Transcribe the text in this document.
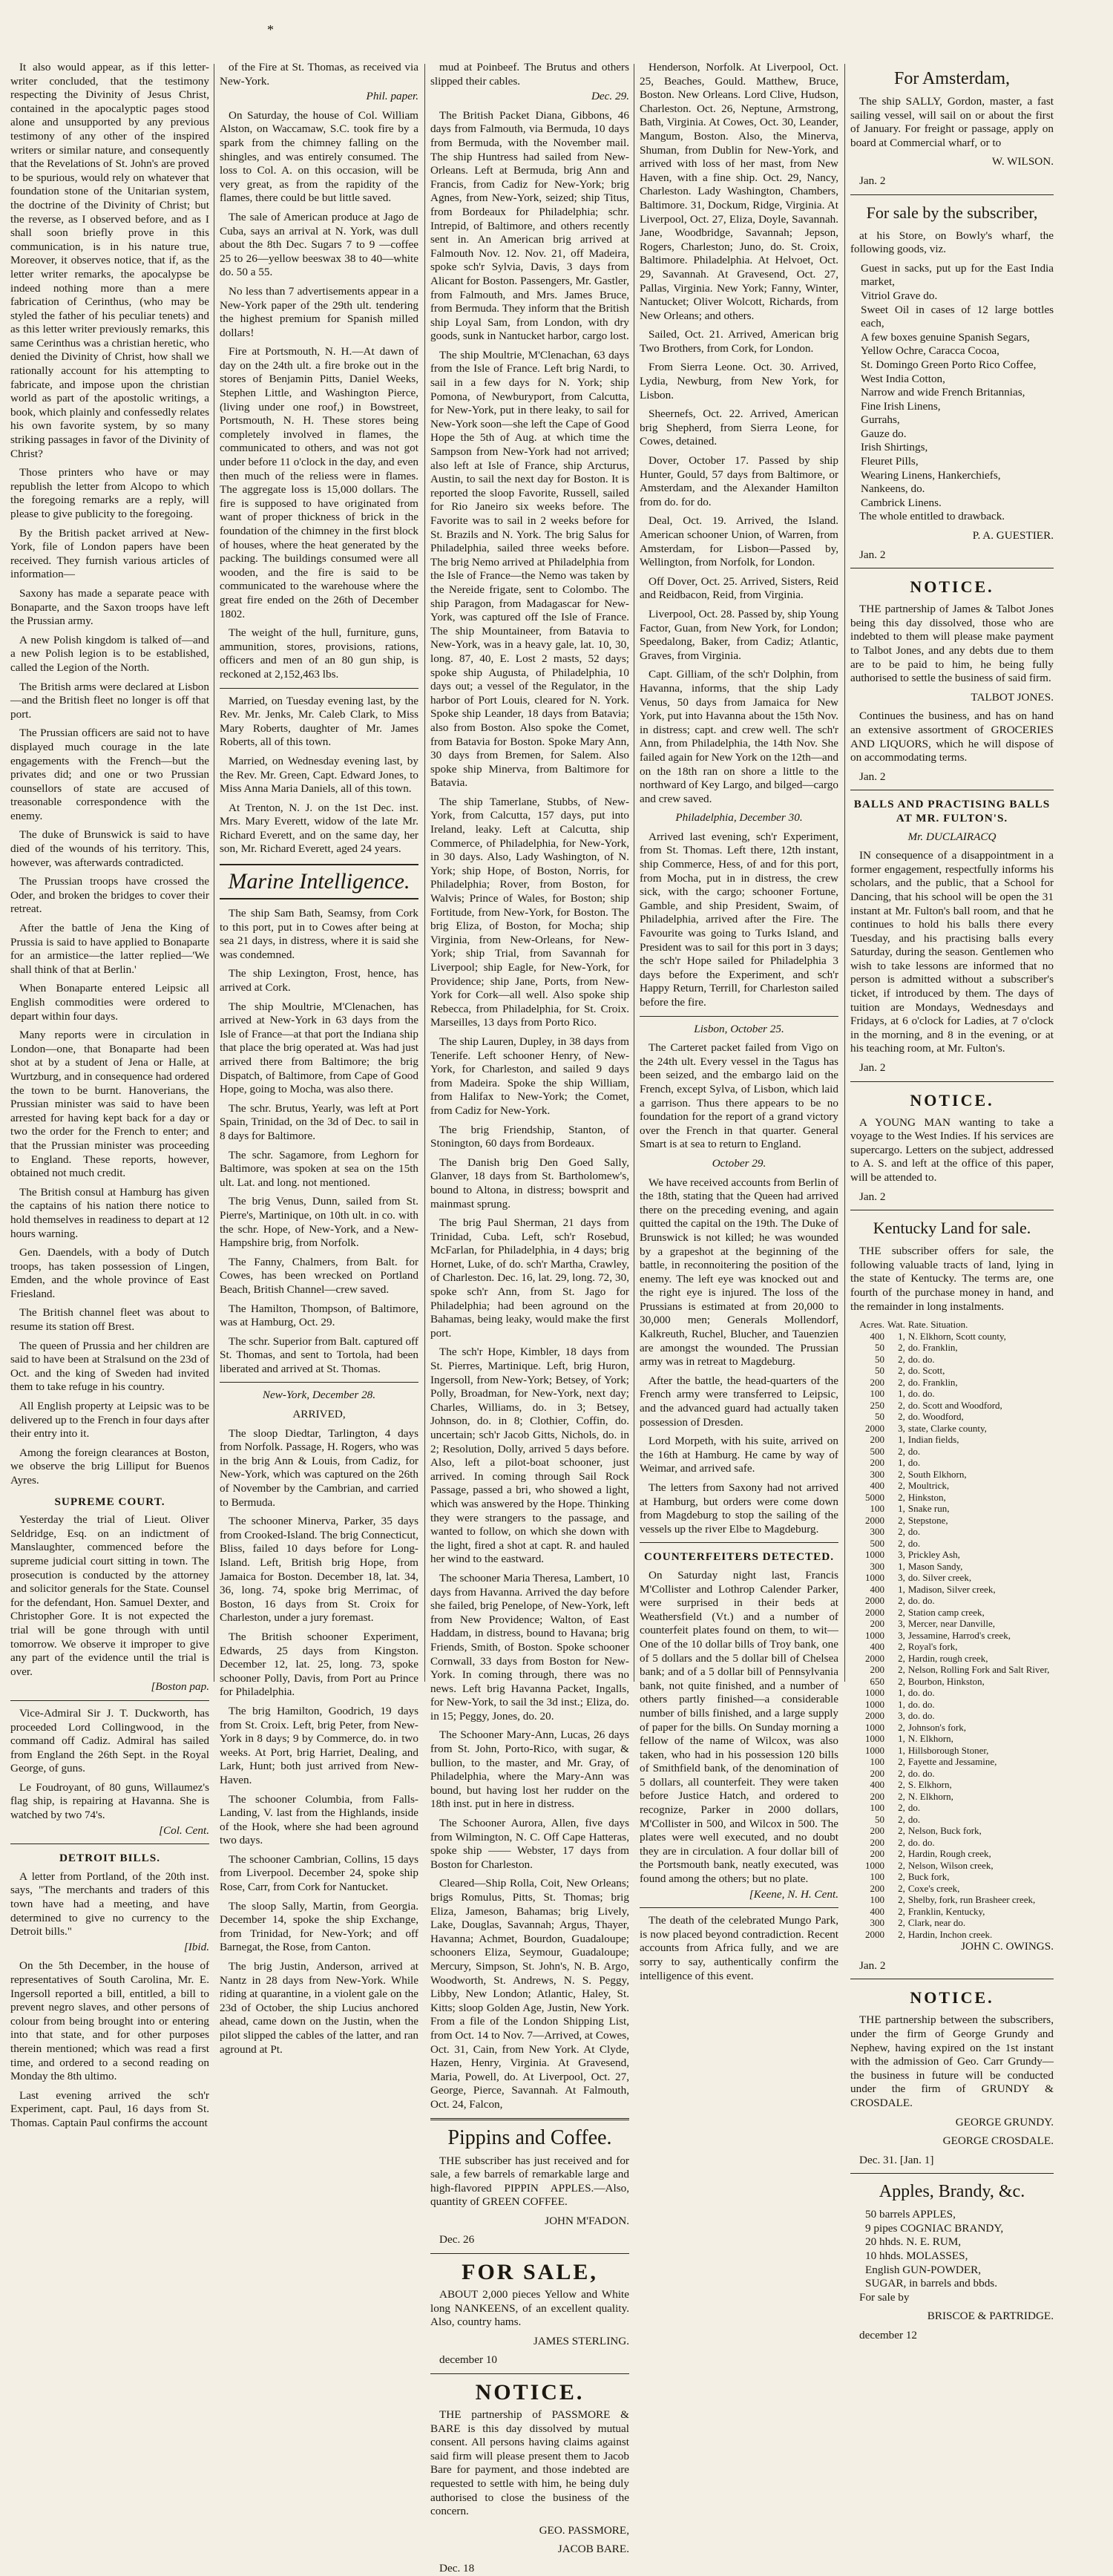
*

It also would appear, as if this letter-writer concluded, that the testimony respecting the Divinity of Jesus Christ, contained in the apocalyptic pages stood alone and unsupported by any previous testimony of any other of the inspired writers or similar nature, and consequently that the Revelations of St. John's are proved to be spurious, would rely on whatever that foundation stone of the Unitarian system, the doctrine of the Divinity of Christ; but the reverse, as I observed before, and as I shall soon briefly prove in this communication, is in his nature true, Moreover, it observes notice, that if, as the letter writer remarks, the apocalypse be indeed nothing more than a mere fabrication of Cerinthus, (who may be styled the father of his peculiar tenets) and as this letter writer previously remarks, this same Cerinthus was a christian heretic, who denied the Divinity of Christ, how shall we rationally account for his attempting to fabricate, and impose upon the christian world as part of the apostolic writings, a book, which plainly and confessedly relates his own favorite system, by so many striking passages in favor of the Divinity of Christ?

Those printers who have or may republish the letter from Alcopo to which the foregoing remarks are a reply, will please to give publicity to the foregoing.

By the British packet arrived at New-York, file of London papers have been received. They furnish various articles of information—

Saxony has made a separate peace with Bonaparte, and the Saxon troops have left the Prussian army.

A new Polish kingdom is talked of—and a new Polish legion is to be established, called the Legion of the North.

The British arms were declared at Lisbon—and the British fleet no longer is off that port.

The Prussian officers are said not to have displayed much courage in the late engagements with the French—but the privates did; and one or two Prussian counsellors of state are accused of treasonable correspondence with the enemy.

The duke of Brunswick is said to have died of the wounds of his territory. This, however, was afterwards contradicted.

The Prussian troops have crossed the Oder, and broken the bridges to cover their retreat.

After the battle of Jena the King of Prussia is said to have applied to Bonaparte for an armistice—the latter replied—'We shall think of that at Berlin.'

When Bonaparte entered Leipsic all English commodities were ordered to depart within four days.

Many reports were in circulation in London—one, that Bonaparte had been shot at by a student of Jena or Halle, at Wurtzburg, and in consequence had ordered the town to be burnt. Hanoverians, the Prussian minister was said to have been arrested for having kept back for a day or two the order for the French to enter; and that the Prussian minister was proceeding to England. These reports, however, obtained not much credit.

The British consul at Hamburg has given the captains of his nation there notice to hold themselves in readiness to depart at 12 hours warning.

Gen. Daendels, with a body of Dutch troops, has taken possession of Lingen, Emden, and the whole province of East Friesland.

The British channel fleet was about to resume its station off Brest.

The queen of Prussia and her children are said to have been at Stralsund on the 23d of Oct. and the king of Sweden had invited them to take refuge in his country.

All English property at Leipsic was to be delivered up to the French in four days after their entry into it.

Among the foreign clearances at Boston, we observe the brig Lilliput for Buenos Ayres.

SUPREME COURT.

Yesterday the trial of Lieut. Oliver Seldridge, Esq. on an indictment of Manslaughter, commenced before the supreme judicial court sitting in town. The prosecution is conducted by the attorney and solicitor generals for the State. Counsel for the defendant, Hon. Samuel Dexter, and Christopher Gore. It is not expected the trial will be gone through with until tomorrow. We observe it improper to give any part of the evidence until the trial is over.

[Boston pap.

Vice-Admiral Sir J. T. Duckworth, has proceeded Lord Collingwood, in the command off Cadiz. Admiral has sailed from England the 26th Sept. in the Royal George, of guns.

Le Foudroyant, of 80 guns, Willaumez's flag ship, is repairing at Havanna. She is watched by two 74's.

[Col. Cent.

DETROIT BILLS.

A letter from Portland, of the 20th inst. says, "The merchants and traders of this town have had a meeting, and have determined to give no currency to the Detroit bills."

[Ibid.

On the 5th December, in the house of representatives of South Carolina, Mr. E. Ingersoll reported a bill, entitled, a bill to prevent negro slaves, and other persons of colour from being brought into or entering into that state, and for other purposes therein mentioned; which was read a first time, and ordered to a second reading on Monday the 8th ultimo.

Last evening arrived the sch'r Experiment, capt. Paul, 16 days from St. Thomas. Captain Paul confirms the account

of the Fire at St. Thomas, as received via New-York.

Phil. paper.

On Saturday, the house of Col. William Alston, on Waccamaw, S.C. took fire by a spark from the chimney falling on the shingles, and was entirely consumed. The loss to Col. A. on this occasion, will be very great, as from the rapidity of the flames, there could be but little saved.

The sale of American produce at Jago de Cuba, says an arrival at N. York, was dull about the 8th Dec. Sugars 7 to 9 —coffee 25 to 26—yellow beeswax 38 to 40—white do. 50 a 55.

No less than 7 advertisements appear in a New-York paper of the 29th ult. tendering the highest premium for Spanish milled dollars!

Fire at Portsmouth, N. H.—At dawn of day on the 24th ult. a fire broke out in the stores of Benjamin Pitts, Daniel Weeks, Stephen Little, and Washington Pierce, (living under one roof,) in Bowstreet, Portsmouth, N. H. These stores being completely involved in flames, the communicated to others, and was not got under before 11 o'clock in the day, and even then much of the reliess were in flames. The aggregate loss is 15,000 dollars. The fire is supposed to have originated from want of proper thickness of brick in the foundation of the chimney in the first block of houses, where the heat generated by the packing. The buildings consumed were all wooden, and the fire is said to be communicated to the warehouse where the great fire ended on the 26th of December 1802.

The weight of the hull, furniture, guns, ammunition, stores, provisions, rations, officers and men of an 80 gun ship, is reckoned at 2,152,463 lbs.

Married, on Tuesday evening last, by the Rev. Mr. Jenks, Mr. Caleb Clark, to Miss Mary Roberts, daughter of Mr. James Roberts, all of this town.

Married, on Wednesday evening last, by the Rev. Mr. Green, Capt. Edward Jones, to Miss Anna Maria Daniels, all of this town.

At Trenton, N. J. on the 1st Dec. inst. Mrs. Mary Everett, widow of the late Mr. Richard Everett, and on the same day, her son, Mr. Richard Everett, aged 24 years.

Marine Intelligence.

The ship Sam Bath, Seamsy, from Cork to this port, put in to Cowes after being at sea 21 days, in distress, where it is said she was condemned.

The ship Lexington, Frost, hence, has arrived at Cork.

The ship Moultrie, M'Clenachen, has arrived at New-York in 63 days from the Isle of France—at that port the Indiana ship that place the brig operated at. Was had just arrived there from Baltimore; the brig Dispatch, of Baltimore, from Cape of Good Hope, going to Mocha, was also there.

The schr. Brutus, Yearly, was left at Port Spain, Trinidad, on the 3d of Dec. to sail in 8 days for Baltimore.

The schr. Sagamore, from Leghorn for Baltimore, was spoken at sea on the 15th ult. Lat. and long. not mentioned.

The brig Venus, Dunn, sailed from St. Pierre's, Martinique, on 10th ult. in co. with the schr. Hope, of New-York, and a New-Hampshire brig, from Norfolk.

The Fanny, Chalmers, from Balt. for Cowes, has been wrecked on Portland Beach, British Channel—crew saved.

The Hamilton, Thompson, of Baltimore, was at Hamburg, Oct. 29.

The schr. Superior from Balt. captured off St. Thomas, and sent to Tortola, had been liberated and arrived at St. Thomas.

New-York, December 28.

ARRIVED,

The sloop Diedtar, Tarlington, 4 days from Norfolk. Passage, H. Rogers, who was in the brig Ann & Louis, from Cadiz, for New-York, which was captured on the 26th of November by the Cambrian, and carried to Bermuda.

The schooner Minerva, Parker, 35 days from Crooked-Island. The brig Connecticut, Bliss, failed 10 days before for Long-Island. Left, British brig Hope, from Jamaica for Boston. December 18, lat. 34, 36, long. 74, spoke brig Merrimac, of Boston, 16 days from St. Croix for Charleston, under a jury foremast.

The British schooner Experiment, Edwards, 25 days from Kingston. December 12, lat. 25, long. 73, spoke schooner Polly, Davis, from Port au Prince for Philadelphia.

The brig Hamilton, Goodrich, 19 days from St. Croix. Left, brig Peter, from New-York in 8 days; 9 by Commerce, do. in two weeks. At Port, brig Harriet, Dealing, and Lark, Hunt; both just arrived from New-Haven.

The schooner Columbia, from Falls-Landing, V. last from the Highlands, inside of the Hook, where she had been aground two days.

The schooner Cambrian, Collins, 15 days from Liverpool. December 24, spoke ship Rose, Carr, from Cork for Nantucket.

The sloop Sally, Martin, from Georgia. December 14, spoke the ship Exchange, from Trinidad, for New-York; and off Barnegat, the Rose, from Canton.

The brig Justin, Anderson, arrived at Nantz in 28 days from New-York. While riding at quarantine, in a violent gale on the 23d of October, the ship Lucius anchored ahead, came down on the Justin, when the pilot slipped the cables of the latter, and ran aground at Pt.

mud at Poinbeef. The Brutus and others slipped their cables.

Dec. 29.

The British Packet Diana, Gibbons, 46 days from Falmouth, via Bermuda, 10 days from Bermuda, with the November mail. The ship Huntress had sailed from New-Orleans. Left at Bermuda, brig Ann and Francis, from Cadiz for New-York; brig Agnes, from New-York, seized; ship Titus, from Bordeaux for Philadelphia; schr. Intrepid, of Baltimore, and others recently sent in. An American brig arrived at Falmouth Nov. 12. Nov. 21, off Madeira, spoke sch'r Sylvia, Davis, 3 days from Alicant for Boston. Passengers, Mr. Gastler, from Falmouth, and Mrs. James Bruce, from Bermuda. They inform that the British ship Loyal Sam, from London, with dry goods, sunk in Nantucket harbor, cargo lost.

The ship Moultrie, M'Clenachan, 63 days from the Isle of France. Left brig Nardi, to sail in a few days for N. York; ship Pomona, of Newburyport, from Calcutta, for New-York, put in there leaky, to sail for New-York soon—she left the Cape of Good Hope the 5th of Aug. at which time the Sampson from New-York had not arrived; also left at Isle of France, ship Arcturus, Austin, to sail the next day for Boston. It is reported the sloop Favorite, Russell, sailed for Rio Janeiro six weeks before. The Favorite was to sail in 2 weeks before for St. Brazils and N. York. The brig Salus for Philadelphia, sailed three weeks before. The brig Nemo arrived at Philadelphia from the Isle of France—the Nemo was taken by the Nereide frigate, sent to Colombo. The ship Paragon, from Madagascar for New-York, was captured off the Isle of France. The ship Mountaineer, from Batavia to New-York, was in a heavy gale, lat. 10, 30, long. 87, 40, E. Lost 2 masts, 52 days; spoke ship Augusta, of Philadelphia, 10 days out; a vessel of the Regulator, in the harbor of Port Louis, cleared for N. York. Spoke ship Leander, 18 days from Batavia; also from Boston. Also spoke the Comet, from Batavia for Boston. Spoke Mary Ann, 30 days from Bremen, for Salem. Also spoke ship Minerva, from Baltimore for Batavia.

The ship Tamerlane, Stubbs, of New-York, from Calcutta, 157 days, put into Ireland, leaky. Left at Calcutta, ship Commerce, of Philadelphia, for New-York, in 30 days. Also, Lady Washington, of N. York; ship Hope, of Boston, Norris, for Philadelphia; Rover, from Boston, for Walvis; Prince of Wales, for Boston; ship Fortitude, from New-York, for Boston. The brig Eliza, of Boston, for Mocha; ship Virginia, from New-Orleans, for New-York; ship Trial, from Savannah for Liverpool; ship Eagle, for New-York, for Providence; ship Jane, Ports, from New-York for Cork—all well. Also spoke ship Rebecca, from Philadelphia, for St. Croix. Marseilles, 13 days from Porto Rico.

The ship Lauren, Dupley, in 38 days from Tenerife. Left schooner Henry, of New-York, for Charleston, and sailed 9 days from Madeira. Spoke the ship William, from Halifax to New-York; the Comet, from Cadiz for New-York.

The brig Friendship, Stanton, of Stonington, 60 days from Bordeaux.

The Danish brig Den Goed Sally, Glanver, 18 days from St. Bartholomew's, bound to Altona, in distress; bowsprit and mainmast sprung.

The brig Paul Sherman, 21 days from Trinidad, Cuba. Left, sch'r Rosebud, McFarlan, for Philadelphia, in 4 days; brig Hornet, Luke, of do. sch'r Martha, Crawley, of Charleston. Dec. 16, lat. 29, long. 72, 30, spoke sch'r Ann, from St. Jago for Philadelphia; had been aground on the Bahamas, being leaky, would make the first port.

The sch'r Hope, Kimbler, 18 days from St. Pierres, Martinique. Left, brig Huron, Ingersoll, from New-York; Betsey, of York; Polly, Broadman, for New-York, next day; Charles, Williams, do. in 3; Betsey, Johnson, do. in 8; Clothier, Coffin, do. uncertain; sch'r Jacob Gitts, Nichols, do. in 2; Resolution, Dolly, arrived 5 days before. Also, left a pilot-boat schooner, just arrived. In coming through Sail Rock Passage, passed a bri, who showed a light, which was answered by the Hope. Thinking they were strangers to the passage, and wanted to follow, on which she down with the light, fired a shot at capt. R. and hauled her wind to the eastward.

The schooner Maria Theresa, Lambert, 10 days from Havanna. Arrived the day before she failed, brig Penelope, of New-York, left from New Providence; Walton, of East Haddam, in distress, bound to Havana; brig Friends, Smith, of Boston. Spoke schooner Cornwall, 33 days from Boston for New-York. In coming through, there was no news. Left brig Havanna Packet, Ingalls, for New-York, to sail the 3d inst.; Eliza, do. in 15; Peggy, Jones, do. 20.

The Schooner Mary-Ann, Lucas, 26 days from St. John, Porto-Rico, with sugar, & bullion, to the master, and Mr. Gray, of Philadelphia, where the Mary-Ann was bound, but having lost her rudder on the 18th inst. put in here in distress.

The Schooner Aurora, Allen, five days from Wilmington, N. C. Off Cape Hatteras, spoke ship —— Webster, 17 days from Boston for Charleston.

Cleared—Ship Rolla, Coit, New Orleans; brigs Romulus, Pitts, St. Thomas; brig Eliza, Jameson, Bahamas; brig Lively, Lake, Douglas, Savannah; Argus, Thayer, Havanna; Achmet, Bourdon, Guadaloupe; schooners Eliza, Seymour, Guadaloupe; Mercury, Simpson, St. John's, N. B. Argo, Woodworth, St. Andrews, N. S. Peggy, Libby, New London; Atlantic, Haley, St. Kitts; sloop Golden Age, Justin, New York. From a file of the London Shipping List, from Oct. 14 to Nov. 7—Arrived, at Cowes, Oct. 31, Cain, from New York. At Clyde, Hazen, Henry, Virginia. At Gravesend, Maria, Powell, do. At Liverpool, Oct. 27, George, Pierce, Savannah. At Falmouth, Oct. 24, Falcon,

Pippins and Coffee.

THE subscriber has just received and for sale, a few barrels of remarkable large and high-flavored PIPPIN APPLES.—Also, quantity of GREEN COFFEE.

JOHN M'FADON.

Dec. 26

FOR SALE,

ABOUT 2,000 pieces Yellow and White long NANKEENS, of an excellent quality. Also, country hams.

JAMES STERLING.

december 10

NOTICE.

THE partnership of PASSMORE & BARE is this day dissolved by mutual consent. All persons having claims against said firm will please present them to Jacob Bare for payment, and those indebted are requested to settle with him, he being duly authorised to close the business of the concern.

GEO. PASSMORE,

JACOB BARE.

Dec. 18

Henderson, Norfolk. At Liverpool, Oct. 25, Beaches, Gould. Matthew, Bruce, Boston. New Orleans. Lord Clive, Hudson, Charleston. Oct. 26, Neptune, Armstrong, Bath, Virginia. At Cowes, Oct. 30, Leander, Mangum, Boston. Also, the Minerva, Shuman, from Dublin for New-York, and arrived with loss of her mast, from New Haven, with a fine ship. Oct. 29, Nancy, Charleston. Lady Washington, Chambers, Baltimore. 31, Dockum, Ridge, Virginia. At Liverpool, Oct. 27, Eliza, Doyle, Savannah. Jane, Woodbridge, Savannah; Jepson, Rogers, Charleston; Juno, do. St. Croix, Baltimore. Philadelphia. At Helvoet, Oct. 29, Savannah. At Gravesend, Oct. 27, Pallas, Virginia. New York; Fanny, Winter, Nantucket; Oliver Wolcott, Richards, from New Orleans; and others.

Sailed, Oct. 21. Arrived, American brig Two Brothers, from Cork, for London.

From Sierra Leone. Oct. 30. Arrived, Lydia, Newburg, from New York, for Lisbon.

Sheernefs, Oct. 22. Arrived, American brig Shepherd, from Sierra Leone, for Cowes, detained.

Dover, October 17. Passed by ship Hunter, Gould, 57 days from Baltimore, or Amsterdam, and the Alexander Hamilton from do. for do.

Deal, Oct. 19. Arrived, the Island. American schooner Union, of Warren, from Amsterdam, for Lisbon—Passed by, Wellington, from Norfolk, for London.

Off Dover, Oct. 25. Arrived, Sisters, Reid and Reidbacon, Reid, from Virginia.

Liverpool, Oct. 28. Passed by, ship Young Factor, Guan, from New York, for London; Speedalong, Baker, from Cadiz; Atlantic, Graves, from Virginia.

Capt. Gilliam, of the sch'r Dolphin, from Havanna, informs, that the ship Lady Venus, 50 days from Jamaica for New York, put into Havanna about the 15th Nov. in distress; capt. and crew well. The sch'r Ann, from Philadelphia, the 14th Nov. She failed again for New York on the 12th—and on the 18th ran on shore a little to the northward of Key Largo, and bilged—cargo and crew saved.

Philadelphia, December 30.

Arrived last evening, sch'r Experiment, from St. Thomas. Left there, 12th instant, ship Commerce, Hess, of and for this port, from Mocha, put in in distress, the crew sick, with the cargo; schooner Fortune, Gamble, and ship President, Swaim, of Philadelphia, arrived after the Fire. The Favourite was going to Turks Island, and President was to sail for this port in 3 days; the sch'r Hope sailed for Philadelphia 3 days before the Experiment, and sch'r Happy Return, Terrill, for Charleston sailed before the fire.

Lisbon, October 25.

The Carteret packet failed from Vigo on the 24th ult. Every vessel in the Tagus has been seized, and the embargo laid on the French, except Sylva, of Lisbon, which laid a garrison. Thus there appears to be no foundation for the report of a grand victory over the French in that quarter. General Smart is at sea to return to England.

October 29.

We have received accounts from Berlin of the 18th, stating that the Queen had arrived there on the preceding evening, and again quitted the capital on the 19th. The Duke of Brunswick is not killed; he was wounded by a grapeshot at the beginning of the battle, in reconnoitering the position of the enemy. The left eye was knocked out and the right eye is injured. The loss of the Prussians is estimated at from 20,000 to 30,000 men; Generals Mollendorf, Kalkreuth, Ruchel, Blucher, and Tauenzien are amongst the wounded. The Prussian army was in retreat to Magdeburg.

After the battle, the head-quarters of the French army were transferred to Leipsic, and the advanced guard had actually taken possession of Dresden.

Lord Morpeth, with his suite, arrived on the 16th at Hamburg. He came by way of Weimar, and arrived safe.

The letters from Saxony had not arrived at Hamburg, but orders were come down from Magdeburg to stop the sailing of the vessels up the river Elbe to Magdeburg.

COUNTERFEITERS DETECTED.

On Saturday night last, Francis M'Collister and Lothrop Calender Parker, were surprised in their beds at Weathersfield (Vt.) and a number of counterfeit plates found on them, to wit—One of the 10 dollar bills of Troy bank, one of 5 dollars and the 5 dollar bill of Chelsea bank; and of a 5 dollar bill of Pennsylvania bank, not quite finished, and a number of others partly finished—a considerable number of bills finished, and a large supply of paper for the bills. On Sunday morning a fellow of the name of Wilcox, was also taken, who had in his possession 120 bills of Smithfield bank, of the denomination of 5 dollars, all counterfeit. They were taken before Justice Hatch, and ordered to recognize, Parker in 2000 dollars, M'Collister in 500, and Wilcox in 500. The plates were well executed, and no doubt they are in circulation. A four dollar bill of the Portsmouth bank, neatly executed, was found among the others; but no plate.

[Keene, N. H. Cent.

The death of the celebrated Mungo Park, is now placed beyond contradiction. Recent accounts from Africa fully, and we are sorry to say, authentically confirm the intelligence of this event.

For Amsterdam,

The ship SALLY, Gordon, master, a fast sailing vessel, will sail on or about the first of January. For freight or passage, apply on board at Commercial wharf, or to

W. WILSON.

Jan. 2

For sale by the subscriber,

at his Store, on Bowly's wharf, the following goods, viz.

Guest in sacks, put up for the East India market,
Vitriol Grave do.
Sweet Oil in cases of 12 large bottles each,
A few boxes genuine Spanish Segars,
Yellow Ochre, Caracca Cocoa,
St. Domingo Green Porto Rico Coffee,
West India Cotton,
Narrow and wide French Britannias,
Fine Irish Linens,
Gurrahs,
Gauze do.
Irish Shirtings,
Fleuret Pills,
Wearing Linens, Hankerchiefs,
Nankeens, do.
Cambrick Linens.

The whole entitled to drawback.

P. A. GUESTIER.

Jan. 2

NOTICE.

THE partnership of James & Talbot Jones being this day dissolved, those who are indebted to them will please make payment to Talbot Jones, and any debts due to them are to be paid to him, he being fully authorised to settle the business of said firm.

TALBOT JONES.

Continues the business, and has on hand an extensive assortment of GROCERIES AND LIQUORS, which he will dispose of on accommodating terms.

Jan. 2

BALLS AND PRACTISING BALLS AT MR. FULTON'S.

Mr. DUCLAIRACQ

IN consequence of a disappointment in a former engagement, respectfully informs his scholars, and the public, that a School for Dancing, that his school will be open the 31 instant at Mr. Fulton's ball room, and that he continues to hold his balls there every Tuesday, and his practising balls every Saturday, during the season. Gentlemen who wish to take lessons are informed that no person is admitted without a subscriber's ticket, if introduced by them. The days of tuition are Mondays, Wednesdays and Fridays, at 6 o'clock for Ladies, at 7 o'clock in the morning, and 8 in the evening, or at his teaching room, at Mr. Fulton's.

Jan. 2

NOTICE.

A YOUNG MAN wanting to take a voyage to the West Indies. If his services are supercargo. Letters on the subject, addressed to A. S. and left at the office of this paper, will be attended to.

Jan. 2

Kentucky Land for sale.

THE subscriber offers for sale, the following valuable tracts of land, lying in the state of Kentucky. The terms are, one fourth of the purchase money in hand, and the remainder in long instalments.

Acres.	Wat.	Rate. Situation.
400	1,	N. Elkhorn, Scott county,
50	2,	do. Franklin,
50	2,	do. do.
50	2,	do. Scott,
200	2,	do. Franklin,
100	1,	do. do.
250	2,	do. Scott and Woodford,
50	2,	do. Woodford,
2000	3,	state, Clarke county,
200	1,	Indian fields,
500	2,	do.
200	1,	do.
300	2,	South Elkhorn,
400	2,	Moultrick,
5000	2,	Hinkston,
100	1,	Snake run,
2000	2,	Stepstone,
300	2,	do.
500	2,	do.
1000	3,	Prickley Ash,
300	1,	Mason Sandy,
1000	3,	do. Silver creek,
400	1,	Madison, Silver creek,
2000	2,	do. do.
2000	2,	Station camp creek,
200	3,	Mercer, near Danville,
1000	3,	Jessamine, Harrod's creek,
400	2,	Royal's fork,
2000	2,	Hardin, rough creek,
200	2,	Nelson, Rolling Fork and Salt River,
650	2,	Bourbon, Hinkston,
1000	1,	do. do.
1000	1,	do. do.
2000	3,	do. do.
1000	2,	Johnson's fork,
1000	1,	N. Elkhorn,
1000	1,	Hillsborough Stoner,
100	2,	Fayette and Jessamine,
200	2,	do. do.
400	2,	S. Elkhorn,
200	2,	N. Elkhorn,
100	2,	do.
50	2,	do.
200	2,	Nelson, Buck fork,
200	2,	do. do.
200	2,	Hardin, Rough creek,
1000	2,	Nelson, Wilson creek,
100	2,	Buck fork,
200	2,	Coxe's creek,
100	2,	Shelby, fork, run Brasheer creek,
400	2,	Franklin, Kentucky,
300	2,	Clark, near do.
2000	2,	Hardin, Inchon creek.

JOHN C. OWINGS.

Jan. 2

NOTICE.

THE partnership between the subscribers, under the firm of George Grundy and Nephew, having expired on the 1st instant with the admission of Geo. Carr Grundy—the business in future will be conducted under the firm of GRUNDY & CROSDALE.

GEORGE GRUNDY.

GEORGE CROSDALE.

Dec. 31. [Jan. 1]

Apples, Brandy, &c.
50 barrels APPLES,
9 pipes COGNIAC BRANDY,
20 hhds. N. E. RUM,
10 hhds. MOLASSES,
English GUN-POWDER,
SUGAR, in barrels and bbds.

For sale by

BRISCOE & PARTRIDGE.

december 12
